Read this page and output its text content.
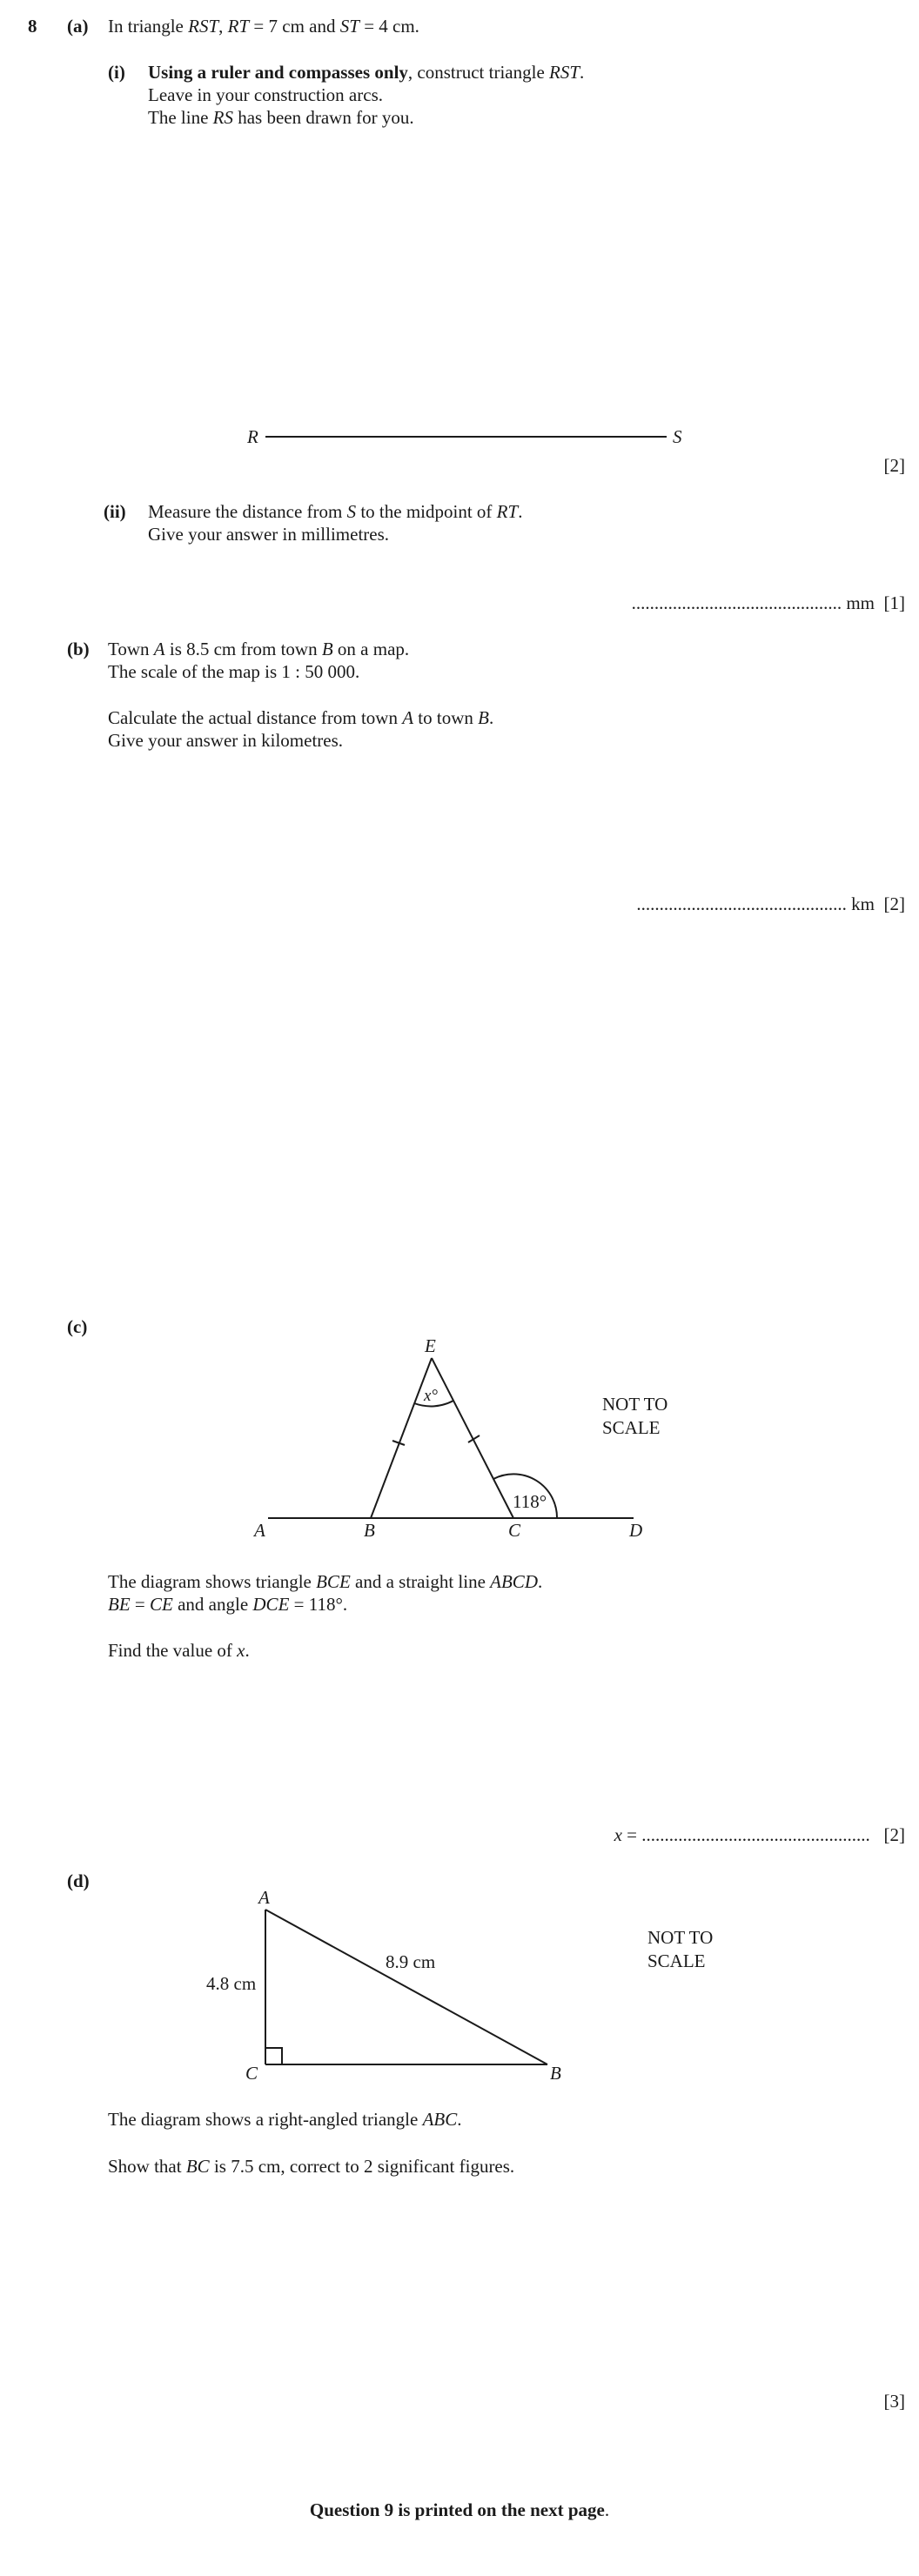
8 (a) In triangle RST, RT = 7 cm and ST = 4 cm.
(i) Using a ruler and compasses only, construct triangle RST.
Leave in your construction arcs.
The line RS has been drawn for you.
R	S
[2]
(ii) Measure the distance from S to the midpoint of RT.
Give your answer in millimetres.
.............................................. mm [1]
(b) Town A is 8.5 cm from town B on a map.
The scale of the map is 1 : 50 000.
Calculate the actual distance from town A to town B.
Give your answer in kilometres.
.............................................. km [2]
(c)
E
x°
118°
A	B	C	D
NOT TO
SCALE
The diagram shows triangle BCE and a straight line ABCD.
BE = CE and angle DCE = 118°.
Find the value of x.
x = .................................................. [2]
(d)
A
C	B
4.8 cm
8.9 cm
NOT TO
SCALE
The diagram shows a right-angled triangle ABC.
Show that BC is 7.5 cm, correct to 2 significant figures.
[3]
Question 9 is printed on the next page.
